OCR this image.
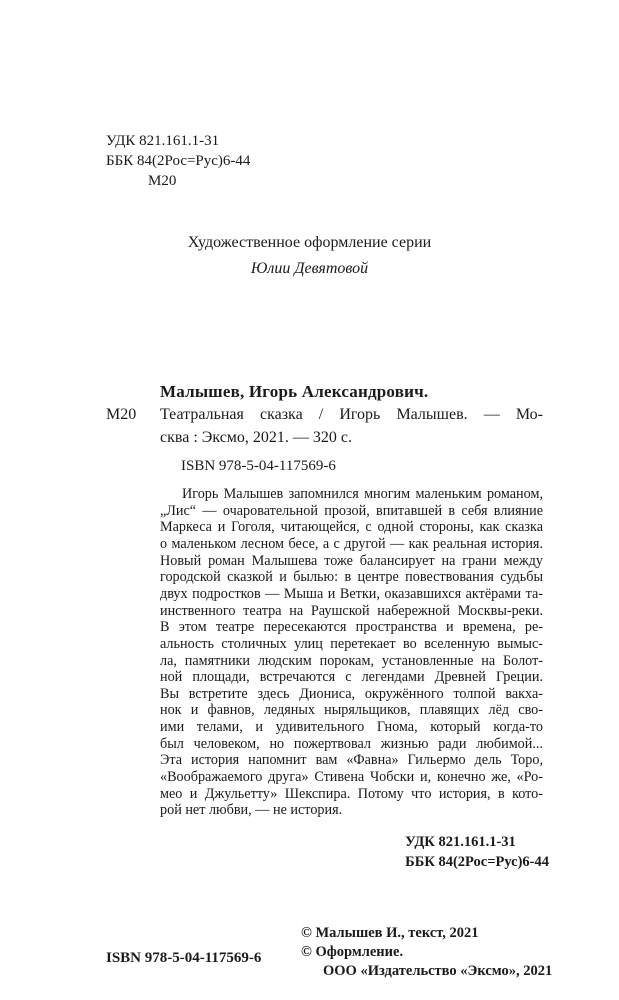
УДК 821.161.1-31
ББК 84(2Рос=Рус)6-44
М20
Художественное оформление серии
Юлии Девятовой
Малышев, Игорь Александрович.
М20 Театральная сказка / Игорь Малышев. — Мо-
сква : Эксмо, 2021. — 320 с.
ISBN 978-5-04-117569-6
Игорь Малышев запомнился многим маленьким романом,
„Лис“ — очаровательной прозой, впитавшей в себя влияние
Маркеса и Гоголя, читающейся, с одной стороны, как сказка
о маленьком лесном бесе, а с другой — как реальная история.
Новый роман Малышева тоже балансирует на грани между
городской сказкой и былью: в центре повествования судьбы
двух подростков — Мыша и Ветки, оказавшихся актёрами та-
инственного театра на Раушской набережной Москвы-реки.
В этом театре пересекаются пространства и времена, ре-
альность столичных улиц перетекает во вселенную вымыс-
ла, памятники людским порокам, установленные на Болот-
ной площади, встречаются с легендами Древней Греции.
Вы встретите здесь Диониса, окружённого толпой вакха-
нок и фавнов, ледяных ныряльщиков, плавящих лёд сво-
ими телами, и удивительного Гнома, который когда-то
был человеком, но пожертвовал жизнью ради любимой...
Эта история напомнит вам «Фавна» Гильермо дель Торо,
«Воображаемого друга» Стивена Чобски и, конечно же, «Ро-
мео и Джульетту» Шекспира. Потому что история, в кото-
рой нет любви, — не история.
УДК 821.161.1-31
ББК 84(2Рос=Рус)6-44
© Малышев И., текст, 2021
© Оформление.
ООО «Издательство «Эксмо», 2021
ISBN 978-5-04-117569-6
